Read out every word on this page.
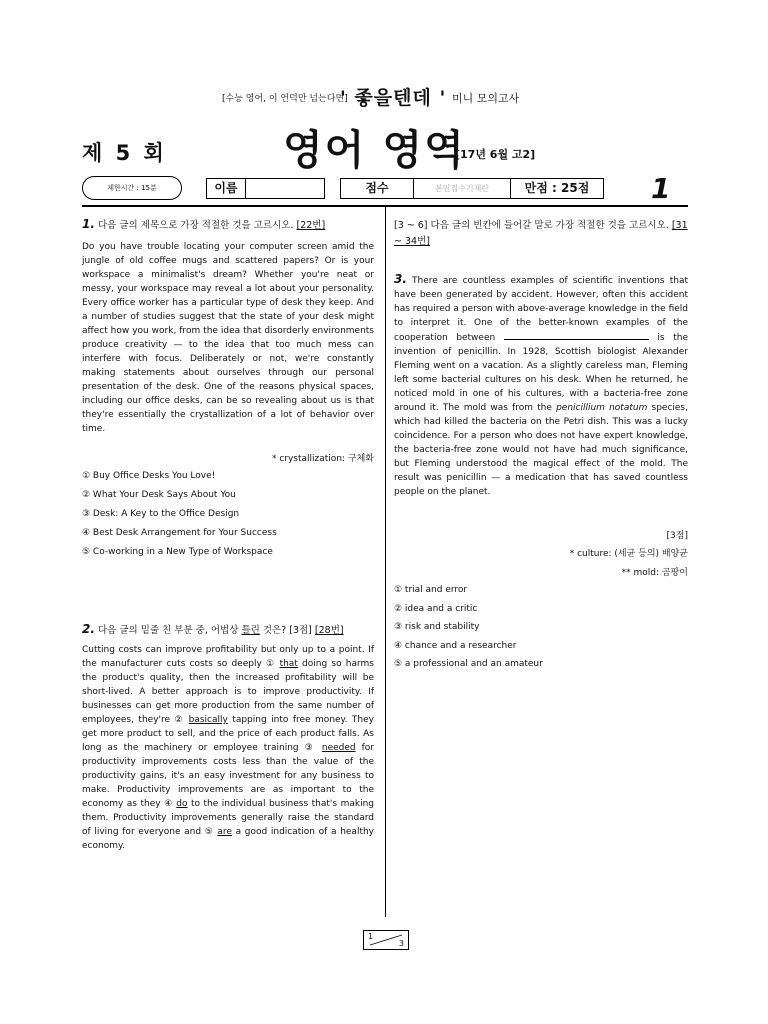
[수능 영어, 이 언덕만 넘는다면]
' 좋을텐데 ' 미니 모의고사
제 5 회	영어 영역
[17년 6월 고2]
제한시간 : 15분	이름	점수	본인점수기재란	만점 : 25점	1
1. 다음 글의 제목으로 가장 적절한 것을 고르시오. [22번]
Do you have trouble locating your computer screen amid the jungle of old coffee mugs and scattered papers? Or is your workspace a minimalist's dream? Whether you're neat or messy, your workspace may reveal a lot about your personality. Every office worker has a particular type of desk they keep. And a number of studies suggest that the state of your desk might affect how you work, from the idea that disorderly environments produce creativity — to the idea that too much mess can interfere with focus. Deliberately or not, we're constantly making statements about ourselves through our personal presentation of the desk. One of the reasons physical spaces, including our office desks, can be so revealing about us is that they're essentially the crystallization of a lot of behavior over time.
* crystallization: 구체화
① Buy Office Desks You Love!
② What Your Desk Says About You
③ Desk: A Key to the Office Design
④ Best Desk Arrangement for Your Success
⑤ Co-working in a New Type of Workspace
2. 다음 글의 밑줄 친 부분 중, 어법상 틀린 것은? [3점] [28번]
Cutting costs can improve profitability but only up to a point. If the manufacturer cuts costs so deeply ① that doing so harms the product's quality, then the increased profitability will be short-lived. A better approach is to improve productivity. If businesses can get more production from the same number of employees, they're ② basically tapping into free money. They get more product to sell, and the price of each product falls. As long as the machinery or employee training ③ needed for productivity improvements costs less than the value of the productivity gains, it's an easy investment for any business to make. Productivity improvements are as important to the economy as they ④ do to the individual business that's making them. Productivity improvements generally raise the standard of living for everyone and ⑤ are a good indication of a healthy economy.
[3 ~ 6] 다음 글의 빈칸에 들어갈 말로 가장 적절한 것을 고르시오. [31 ~ 34번]
3. There are countless examples of scientific inventions that have been generated by accident. However, often this accident has required a person with above-average knowledge in the field to interpret it. One of the better-known examples of the cooperation between	is the invention of penicillin. In 1928, Scottish biologist Alexander Fleming went on a vacation. As a slightly careless man, Fleming left some bacterial cultures on his desk. When he returned, he noticed mold in one of his cultures, with a bacteria-free zone around it. The mold was from the penicillium notatum species, which had killed the bacteria on the Petri dish. This was a lucky coincidence. For a person who does not have expert knowledge, the bacteria-free zone would not have had much significance, but Fleming understood the magical effect of the mold. The result was penicillin — a medication that has saved countless people on the planet.
[3점]
* culture: (세균 등의) 배양균
** mold: 곰팡이
① trial and error
② idea and a critic
③ risk and stability
④ chance and a researcher
⑤ a professional and an amateur
1
3
